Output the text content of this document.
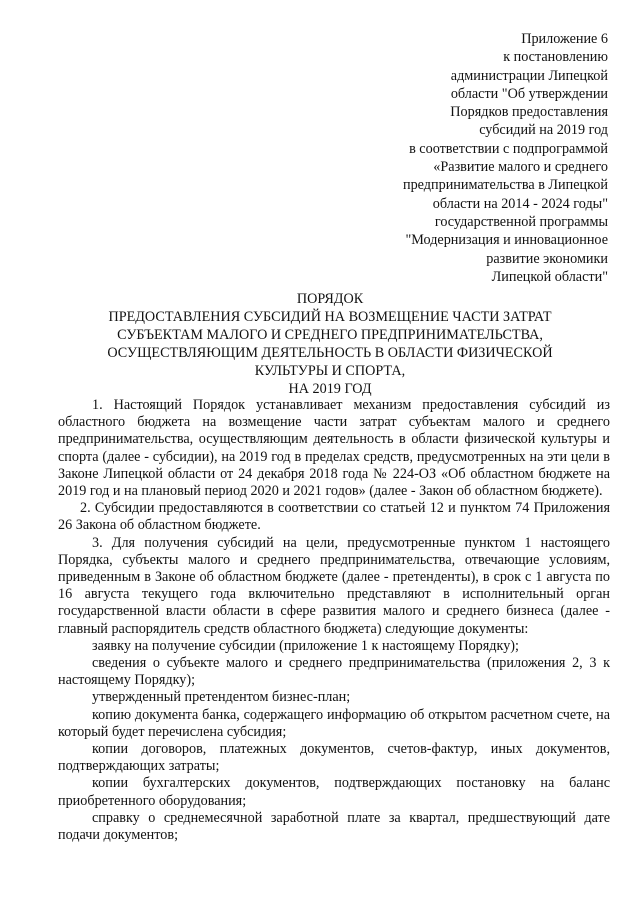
Приложение 6
к постановлению
администрации Липецкой
области "Об утверждении
Порядков предоставления
субсидий на 2019 год
в соответствии с подпрограммой
«Развитие малого и среднего
предпринимательства в Липецкой
области на 2014 - 2024 годы"
государственной программы
"Модернизация и инновационное
развитие экономики
Липецкой области"
ПОРЯДОК
ПРЕДОСТАВЛЕНИЯ СУБСИДИЙ НА ВОЗМЕЩЕНИЕ ЧАСТИ ЗАТРАТ
СУБЪЕКТАМ МАЛОГО И СРЕДНЕГО ПРЕДПРИНИМАТЕЛЬСТВА,
ОСУЩЕСТВЛЯЮЩИМ ДЕЯТЕЛЬНОСТЬ В ОБЛАСТИ ФИЗИЧЕСКОЙ
КУЛЬТУРЫ И СПОРТА,
НА 2019 ГОД

1. Настоящий Порядок устанавливает механизм предоставления субсидий из областного бюджета на возмещение части затрат субъектам малого и среднего предпринимательства, осуществляющим деятельность в области физической культуры и спорта (далее - субсидии), на 2019 год в пределах средств, предусмотренных на эти цели в Законе Липецкой области от 24 декабря 2018 года № 224-ОЗ «Об областном бюджете на 2019 год и на плановый период 2020 и 2021 годов» (далее - Закон об областном бюджете).

2. Субсидии предоставляются в соответствии со статьей 12 и пунктом 74 Приложения 26 Закона об областном бюджете.

3. Для получения субсидий на цели, предусмотренные пунктом 1 настоящего Порядка, субъекты малого и среднего предпринимательства, отвечающие условиям, приведенным в Законе об областном бюджете (далее - претенденты), в срок с 1 августа по 16 августа текущего года включительно представляют в исполнительный орган государственной власти области в сфере развития малого и среднего бизнеса (далее - главный распорядитель средств областного бюджета) следующие документы:

заявку на получение субсидии (приложение 1 к настоящему Порядку);

сведения о субъекте малого и среднего предпринимательства (приложения 2, 3 к настоящему Порядку);

утвержденный претендентом бизнес-план;

копию документа банка, содержащего информацию об открытом расчетном счете, на который будет перечислена субсидия;

копии договоров, платежных документов, счетов-фактур, иных документов, подтверждающих затраты;

копии бухгалтерских документов, подтверждающих постановку на баланс приобретенного оборудования;

справку о среднемесячной заработной плате за квартал, предшествующий дате подачи документов;
